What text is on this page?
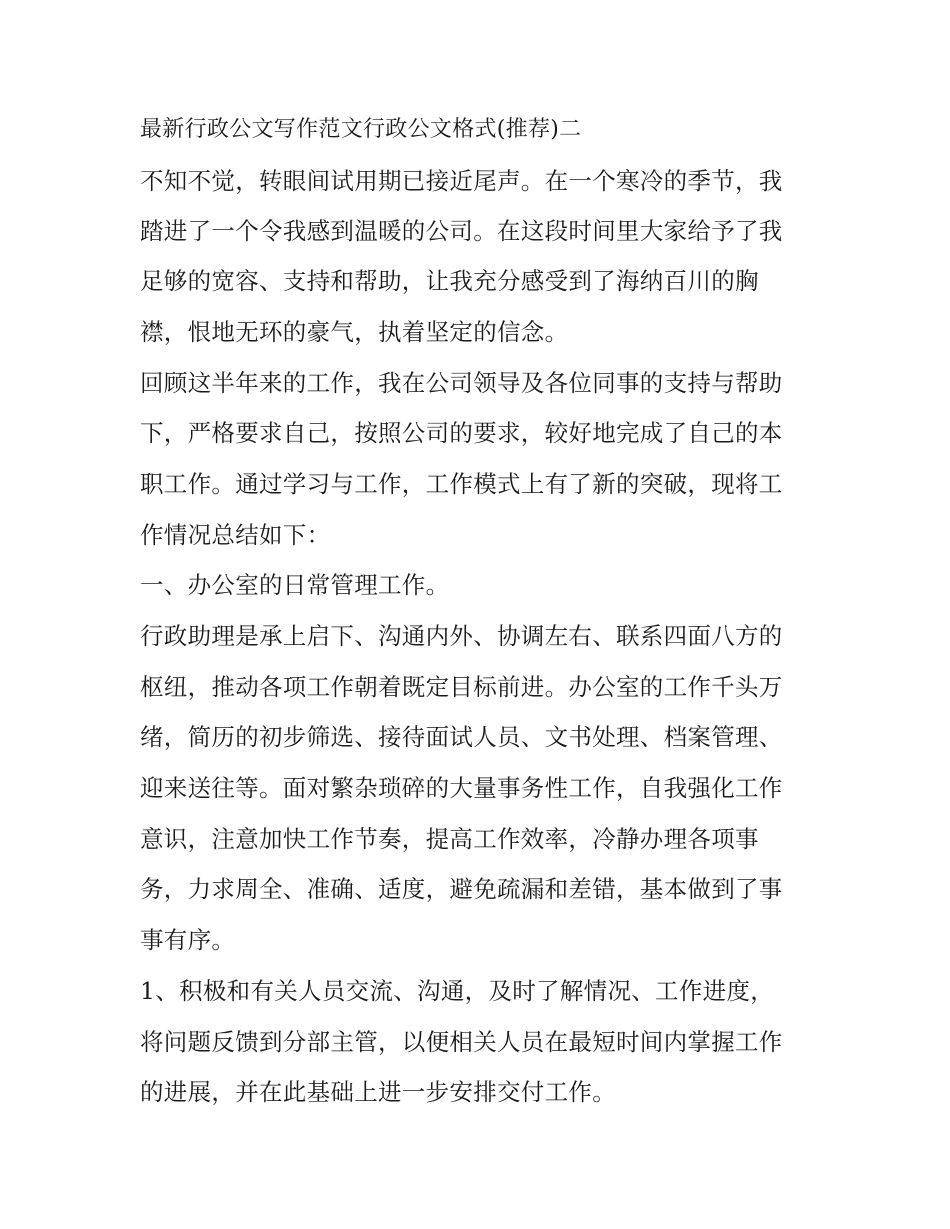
最新行政公文写作范文行政公文格式(推荐)二
不知不觉，转眼间试用期已接近尾声。在一个寒冷的季节，我
踏进了一个令我感到温暖的公司。在这段时间里大家给予了我
足够的宽容、支持和帮助，让我充分感受到了海纳百川的胸
襟，恨地无环的豪气，执着坚定的信念。
回顾这半年来的工作，我在公司领导及各位同事的支持与帮助
下，严格要求自己，按照公司的要求，较好地完成了自己的本
职工作。通过学习与工作，工作模式上有了新的突破，现将工
作情况总结如下：
一、办公室的日常管理工作。
行政助理是承上启下、沟通内外、协调左右、联系四面八方的
枢纽，推动各项工作朝着既定目标前进。办公室的工作千头万
绪，简历的初步筛选、接待面试人员、文书处理、档案管理、
迎来送往等。面对繁杂琐碎的大量事务性工作，自我强化工作
意识，注意加快工作节奏，提高工作效率，冷静办理各项事
务，力求周全、准确、适度，避免疏漏和差错，基本做到了事
事有序。
1、积极和有关人员交流、沟通，及时了解情况、工作进度，
将问题反馈到分部主管，以便相关人员在最短时间内掌握工作
的进展，并在此基础上进一步安排交付工作。
